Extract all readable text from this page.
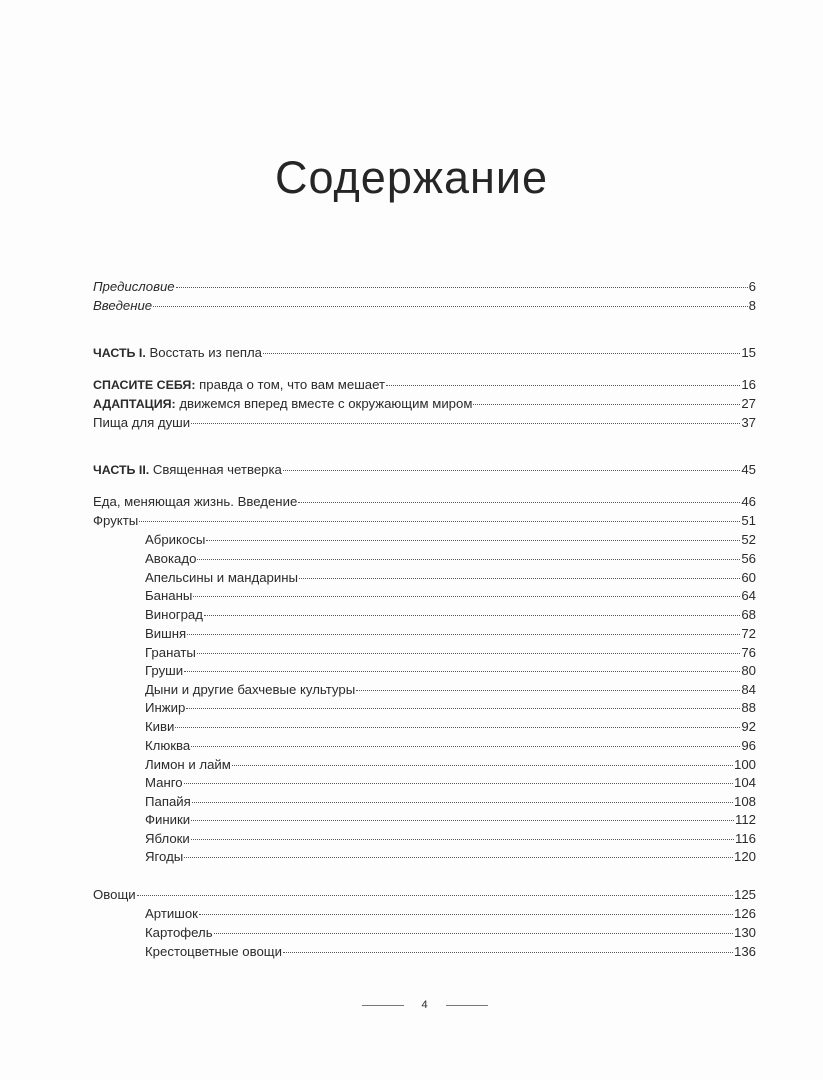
Содержание
Предисловие	6
Введение	8
ЧАСТЬ I. Восстать из пепла	15
СПАСИТЕ СЕБЯ: правда о том, что вам мешает	16
АДАПТАЦИЯ: движемся вперед вместе с окружающим миром	27
Пища для души	37
ЧАСТЬ II. Священная четверка	45
Еда, меняющая жизнь. Введение	46
Фрукты	51
Абрикосы	52
Авокадо	56
Апельсины и мандарины	60
Бананы	64
Виноград	68
Вишня	72
Гранаты	76
Груши	80
Дыни и другие бахчевые культуры	84
Инжир	88
Киви	92
Клюква	96
Лимон и лайм	100
Манго	104
Папайя	108
Финики	112
Яблоки	116
Ягоды	120
Овощи	125
Артишок	126
Картофель	130
Крестоцветные овощи	136
4
